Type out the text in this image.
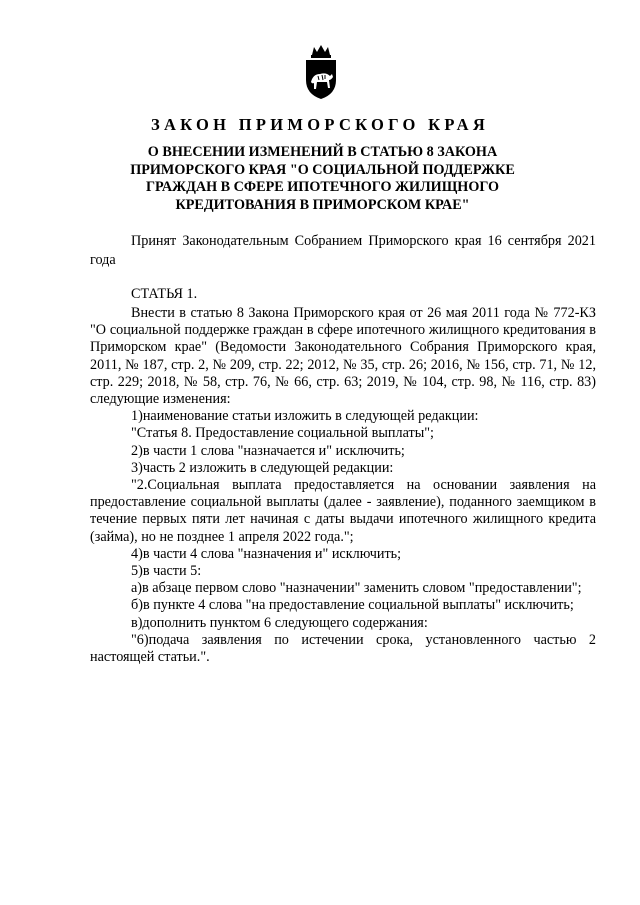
ЗАКОН ПРИМОРСКОГО КРАЯ
О ВНЕСЕНИИ ИЗМЕНЕНИЙ В СТАТЬЮ 8 ЗАКОНА ПРИМОРСКОГО КРАЯ "О СОЦИАЛЬНОЙ ПОДДЕРЖКЕ ГРАЖДАН В СФЕРЕ ИПОТЕЧНОГО ЖИЛИЩНОГО КРЕДИТОВАНИЯ В ПРИМОРСКОМ КРАЕ"
Принят Законодательным Собранием Приморского края 16 сентября 2021 года
СТАТЬЯ 1.

Внести в статью 8 Закона Приморского края от 26 мая 2011 года № 772-КЗ "О социальной поддержке граждан в сфере ипотечного жилищного кредитования в Приморском крае" (Ведомости Законодательного Собрания Приморского края, 2011, № 187, стр. 2, № 209, стр. 22; 2012, № 35, стр. 26; 2016, № 156, стр. 71, № 12, стр. 229; 2018, № 58, стр. 76, № 66, стр. 63; 2019, № 104, стр. 98, № 116, стр. 83) следующие изменения:

1)наименование статьи изложить в следующей редакции:

"Статья 8. Предоставление социальной выплаты";

2)в части 1 слова "назначается и" исключить;

3)часть 2 изложить в следующей редакции:

"2.Социальная выплата предоставляется на основании заявления на предоставление социальной выплаты (далее - заявление), поданного заемщиком в течение первых пяти лет начиная с даты выдачи ипотечного жилищного кредита (займа), но не позднее 1 апреля 2022 года.";

4)в части 4 слова "назначения и" исключить;

5)в части 5:

а)в абзаце первом слово "назначении" заменить словом "предоставлении";

б)в пункте 4 слова "на предоставление социальной выплаты" исключить;

в)дополнить пунктом 6 следующего содержания:

"6)подача заявления по истечении срока, установленного частью 2 настоящей статьи.".
